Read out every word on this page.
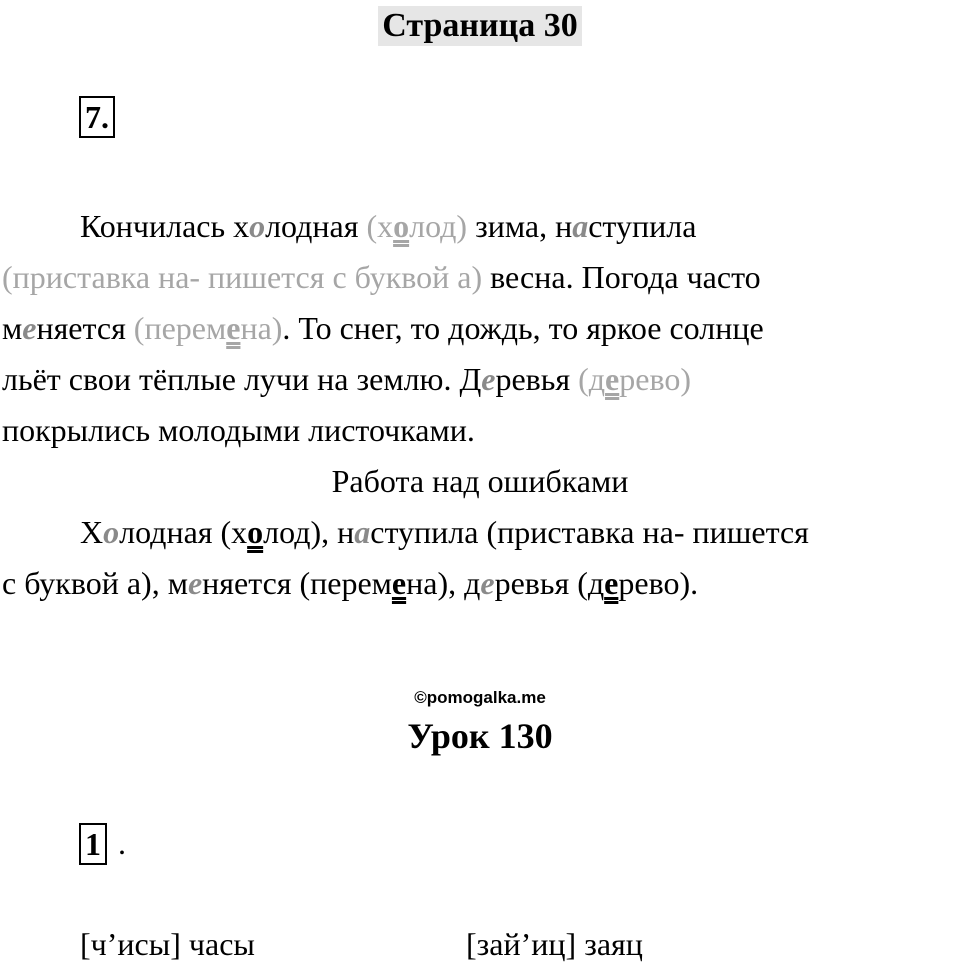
Страница 30
7.
Кончилась холодная (холод) зима, наступила
(приставка на- пишется с буквой а) весна. Погода часто
меняется (перемена). То снег, то дождь, то яркое солнце
льёт свои тёплые лучи на землю. Деревья (дерево)
покрылись молодыми листочками.
Работа над ошибками
Холодная (холод), наступила (приставка на- пишется
с буквой а), меняется (перемена), деревья (дерево).
©pomogalka.me
Урок 130
1 .
[ч’исы] часы	[зай’иц] заяц
